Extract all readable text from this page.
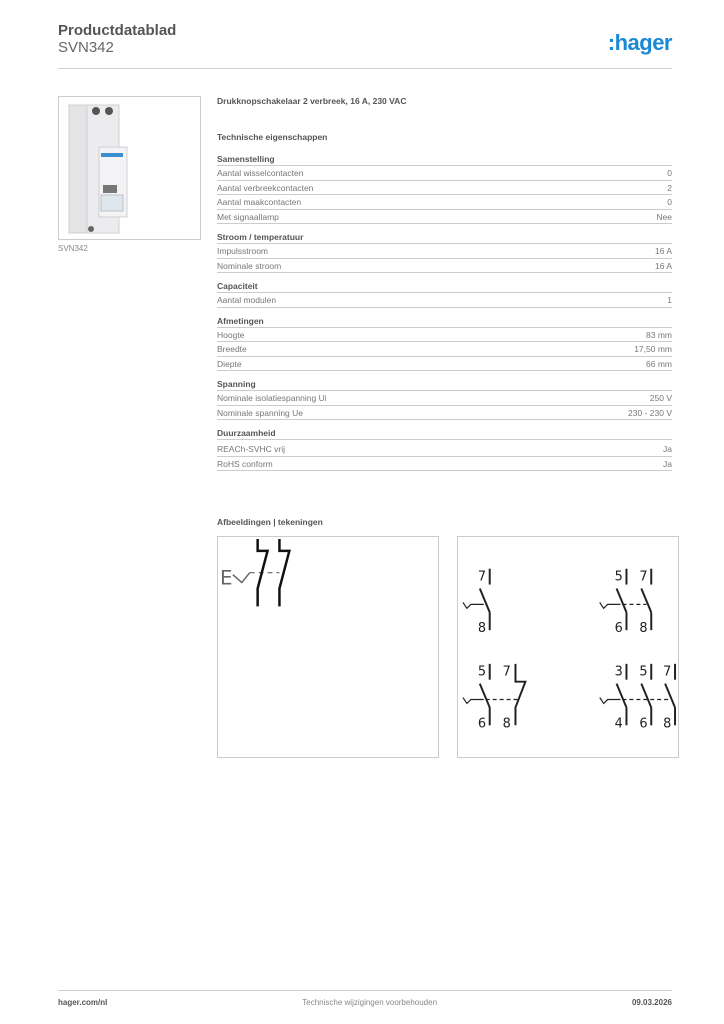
Productdatablad
SVN342	:hager
SVN342
Drukknopschakelaar 2 verbreek, 16 A, 230 VAC
Technische eigenschappen
Samenstelling
Aantal wisselcontacten	0
Aantal verbreekcontacten	2
Aantal maakcontacten	0
Met signaallamp	Nee
Stroom / temperatuur
Impulsstroom	16 A
Nominale stroom	16 A
Capaciteit
Aantal modulen	1
Afmetingen
Hoogte	83 mm
Breedte	17,50 mm
Diepte	66 mm
Spanning
Nominale isolatiespanning Ui	250 V
Nominale spanning Ue	230 - 230 V
Duurzaamheid
REACh-SVHC vrij	Ja
RoHS conform	Ja
Afbeeldingen | tekeningen
E	7
8
5 7
6 8
5 7
6 8
3 5 7
4 6 8
hager.com/nl	Technische wijzigingen voorbehouden	09.03.2026
